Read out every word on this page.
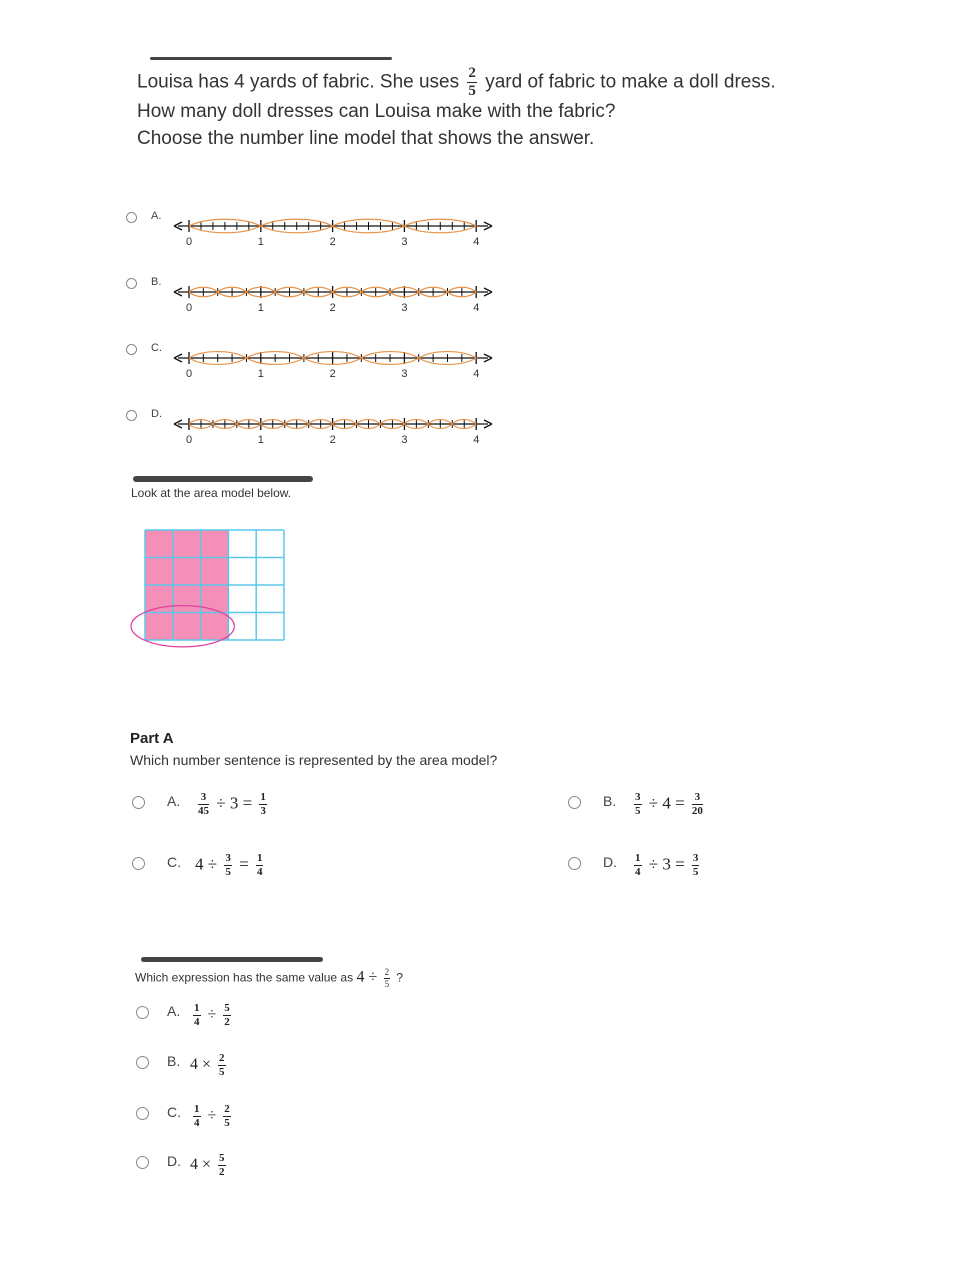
Louisa has 4 yards of fabric. She uses $\frac{2}{5}$ yard of fabric to make a doll dress.
How many doll dresses can Louisa make with the fabric?
Choose the number line model that shows the answer.
A.
B.
C.
D.
0	1	2	3	4
0	1	2	3	4
0	1	2	3	4
0	1	2	3	4
Look at the area model below.
Part A
Which number sentence is represented by the area model?
A. $\frac{3}{45} \div 3 = \frac{1}{3}$	B. $\frac{3}{5} \div 4 = \frac{3}{20}$
C. $4 \div \frac{3}{5} = \frac{1}{4}$	D. $\frac{1}{4} \div 3 = \frac{3}{5}$
Which expression has the same value as $4 \div \frac{2}{5}$ ?
A. $\frac{1}{4} \div \frac{5}{2}$
B. $4 \times \frac{2}{5}$
C. $\frac{1}{4} \div \frac{2}{5}$
D. $4 \times \frac{5}{2}$
